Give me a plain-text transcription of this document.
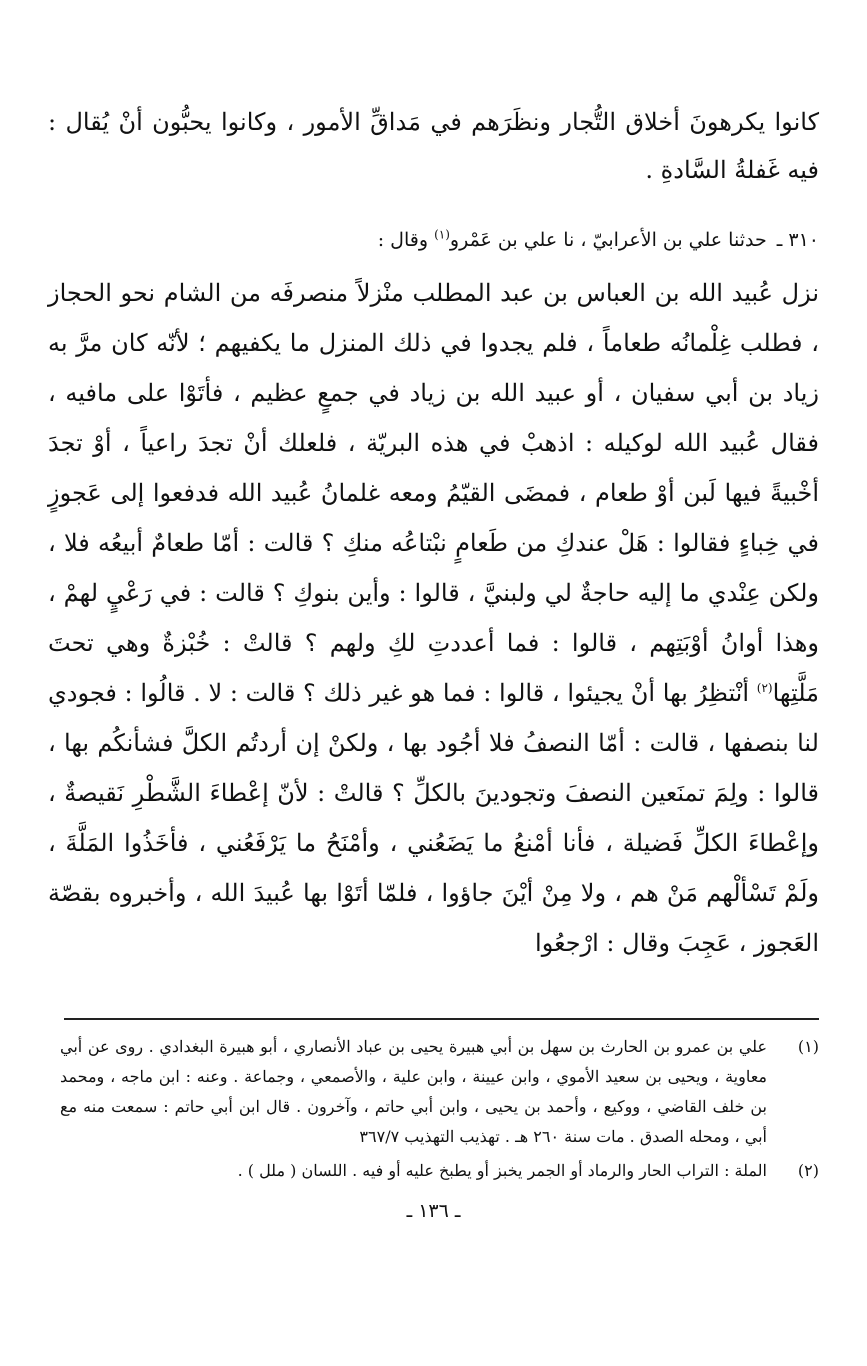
كانوا يكرهونَ أخلاق التُّجار ونظَرَهم في مَداقِّ الأمور ، وكانوا يحبُّون أنْ يُقال : فيه غَفلةُ السَّادةِ .

٣١٠ ـ حدثنا علي بن الأعرابيّ ، نا علي بن عَمْرو$^{(١)}$ وقال :

نزل عُبيد الله بن العباس بن عبد المطلب منْزلاً منصرفَه من الشام نحو الحجاز ، فطلب غِلْمانُه طعاماً ، فلم يجدوا في ذلك المنزل ما يكفيهم ؛ لأنّه كان مرَّ به زياد بن أبي سفيان ، أو عبيد الله بن زياد في جمعٍ عظيم ، فأتَوْا على مافيه ، فقال عُبيد الله لوكيله : اذهبْ في هذه البريّة ، فلعلك أنْ تجدَ راعياً ، أوْ تجدَ أخْبيةً فيها لَبن أوْ طعام ، فمضَى القيّمُ ومعه غلمانُ عُبيد الله فدفعوا إلى عَجوزٍ في خِباءٍ فقالوا : هَلْ عندكِ من طَعامٍ نبْتاعُه منكِ ؟ قالت : أمّا طعامٌ أبيعُه فلا ، ولكن عِنْدي ما إليه حاجةٌ لي ولبنيَّ ، قالوا : وأين بنوكِ ؟ قالت : في رَعْيٍ لهمْ ، وهذا أوانُ أوْبَتِهم ، قالوا : فما أعددتِ لكِ ولهم ؟ قالتْ : خُبْزةٌ وهي تحتَ مَلَّتِها$^{(٢)}$ أنْتظِرُ بها أنْ يجيئوا ، قالوا : فما هو غير ذلك ؟ قالت : لا . قالُوا : فجودي لنا بنصفها ، قالت : أمّا النصفُ فلا أجُود بها ، ولكنْ إن أردتُم الكلَّ فشأنكُم بها ، قالوا : ولِمَ تمنَعين النصفَ وتجودينَ بالكلِّ ؟ قالتْ : لأنّ إعْطاءَ الشَّطْرِ نَقيصةٌ ، وإعْطاءَ الكلِّ فَضيلة ، فأنا أمْنعُ ما يَضَعُني ، وأمْنَحُ ما يَرْفَعُني ، فأخَذُوا المَلَّةَ ، ولَمْ تَسْألْهم مَنْ هم ، ولا مِنْ أيْنَ جاؤوا ، فلمّا أتَوْا بها عُبيدَ الله ، وأخبروه بقصّة العَجوز ، عَجِبَ وقال : ارْجعُوا

(١)
علي بن عمرو بن الحارث بن سهل بن أبي هبيرة يحيى بن عباد الأنصاري ، أبو هبيرة البغدادي . روى عن أبي معاوية ، ويحيى بن سعيد الأموي ، وابن عيينة ، وابن علية ، والأصمعي ، وجماعة . وعنه : ابن ماجه ، ومحمد بن خلف القاضي ، ووكيع ، وأحمد بن يحيى ، وابن أبي حاتم ، وآخرون . قال ابن أبي حاتم : سمعت منه مع أبي ، ومحله الصدق . مات سنة ٢٦٠ هـ . تهذيب التهذيب ٣٦٧/٧
(٢)
الملة : التراب الحار والرماد أو الجمر يخبز أو يطبخ عليه أو فيه . اللسان ( ملل ) .
ـ ١٣٦ ـ
